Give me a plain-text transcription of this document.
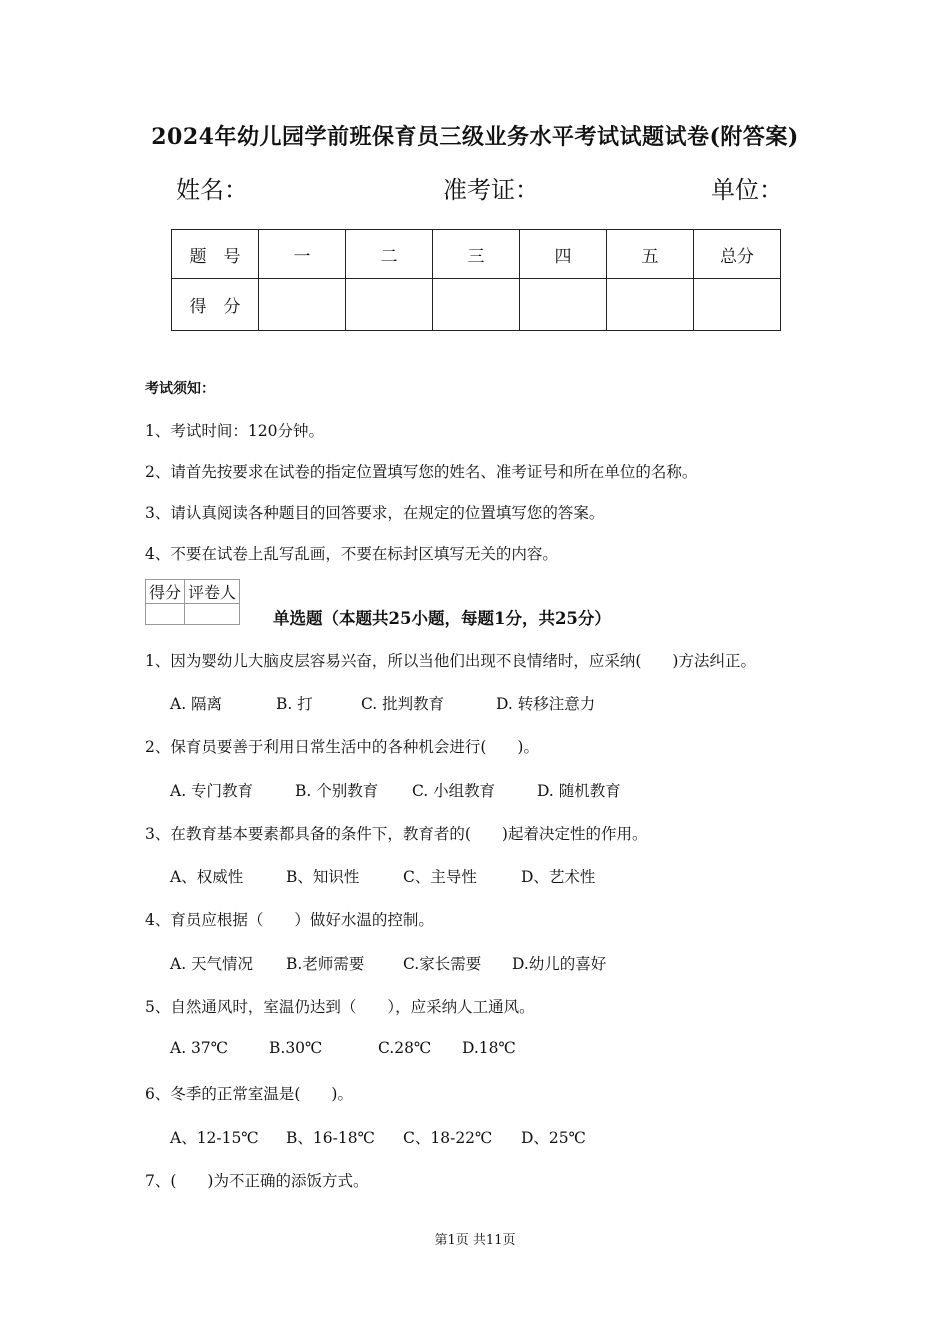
2024年幼儿园学前班保育员三级业务水平考试试题试卷(附答案)
姓名：	准考证：	单位：
题　号	一	二	三	四	五	总分
得　分						
考试须知：
1、考试时间：120分钟。
2、请首先按要求在试卷的指定位置填写您的姓名、准考证号和所在单位的名称。
3、请认真阅读各种题目的回答要求，在规定的位置填写您的答案。
4、不要在试卷上乱写乱画，不要在标封区填写无关的内容。
得分	评卷人

单选题（本题共25小题，每题1分，共25分）
1、因为婴幼儿大脑皮层容易兴奋，所以当他们出现不良情绪时，应采纳(　　)方法纠正。
A. 隔离	B. 打	C. 批判教育	D. 转移注意力
2、保育员要善于利用日常生活中的各种机会进行(　　)。
A. 专门教育	B. 个别教育 C. 小组教育	D. 随机教育
3、在教育基本要素都具备的条件下，教育者的(　　)起着决定性的作用。
A、权威性	B、知识性	C、主导性	D、艺术性
4、育员应根据（　　）做好水温的控制。
A. 天气情况 B.老师需要 C.家长需要 D.幼儿的喜好
5、自然通风时，室温仍达到（　　），应采纳人工通风。
A. 37℃	B.30℃	C.28℃ D.18℃
6、冬季的正常室温是(　　)。
A、12-15℃ B、16-18℃ C、18-22℃ D、25℃
7、(　　)为不正确的添饭方式。
第1页 共11页
